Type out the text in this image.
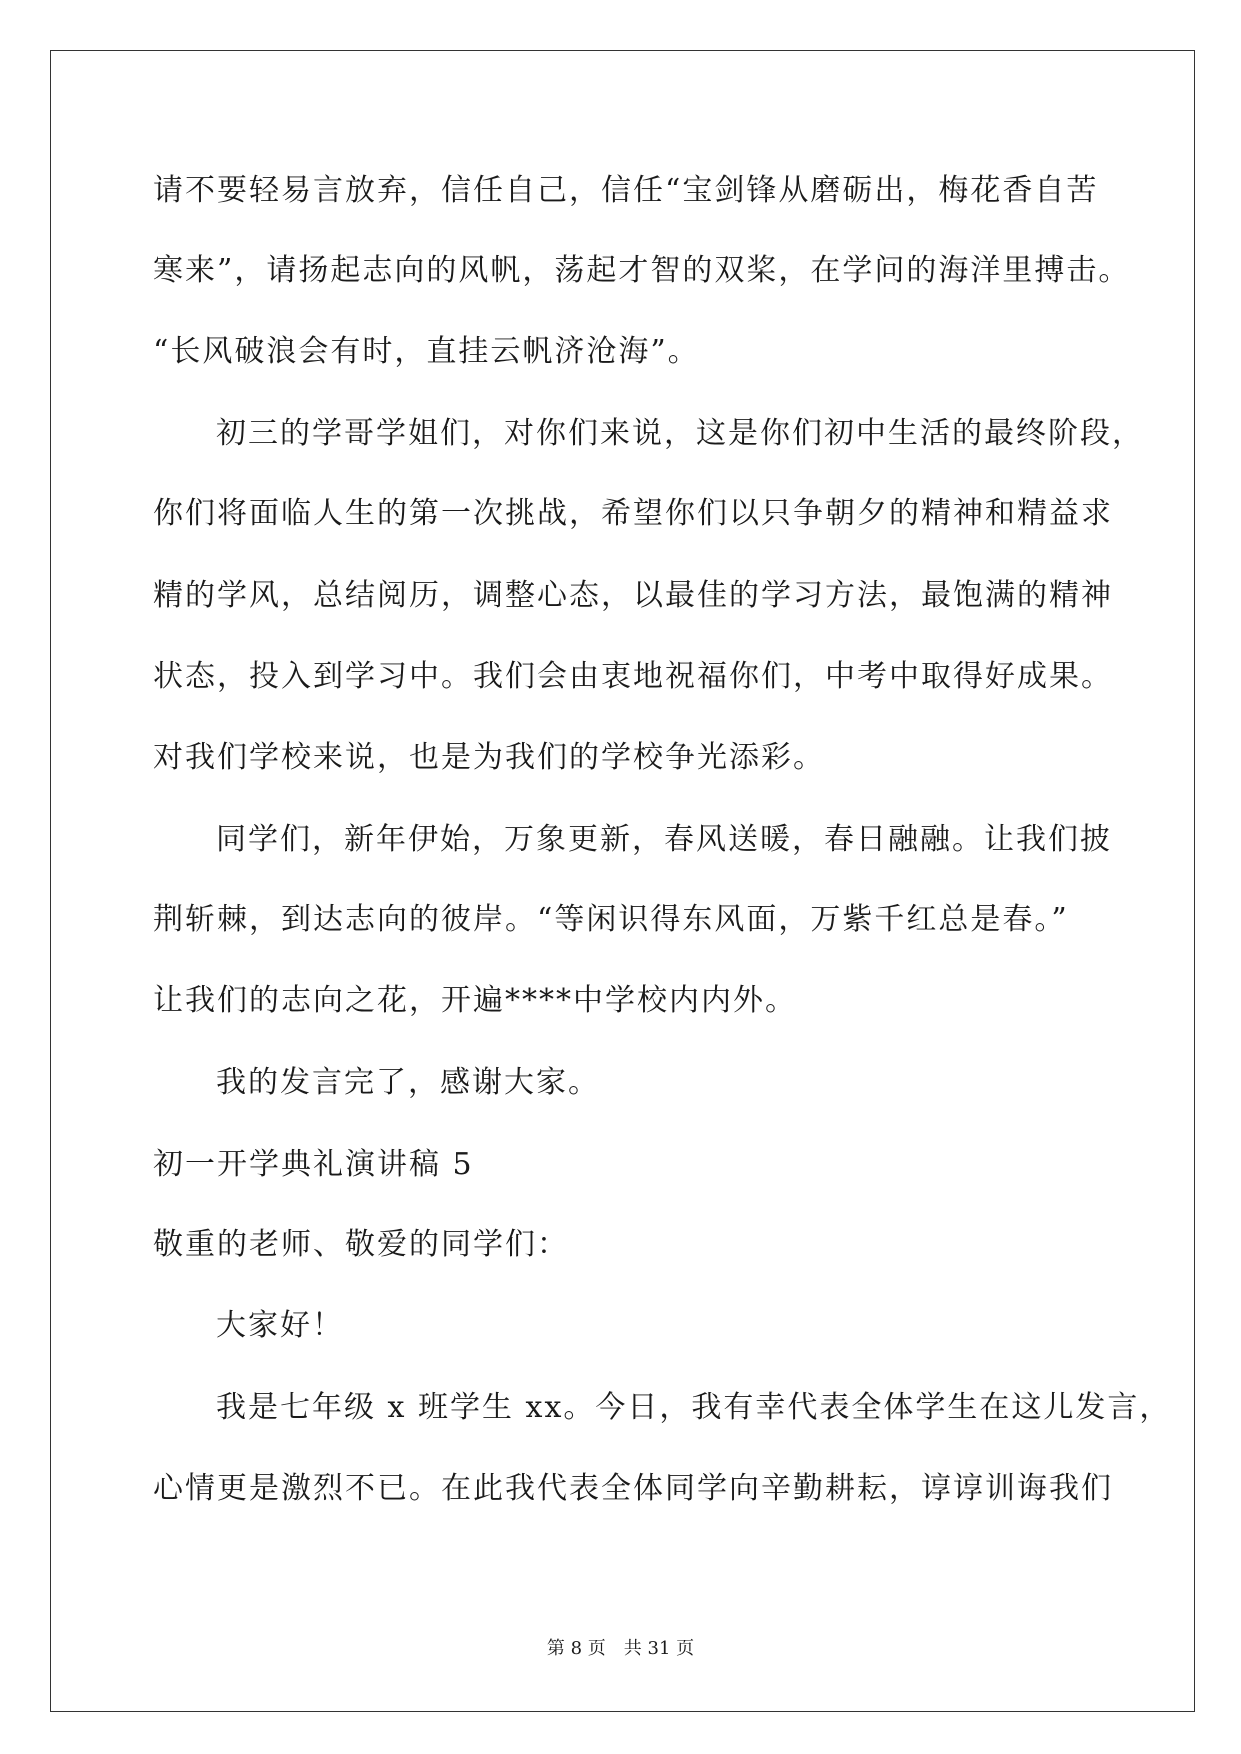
请不要轻易言放弃，信任自己，信任“宝剑锋从磨砺出，梅花香自苦
寒来”，请扬起志向的风帆，荡起才智的双桨，在学问的海洋里搏击。
“长风破浪会有时，直挂云帆济沧海”。
初三的学哥学姐们，对你们来说，这是你们初中生活的最终阶段，
你们将面临人生的第一次挑战，希望你们以只争朝夕的精神和精益求
精的学风，总结阅历，调整心态，以最佳的学习方法，最饱满的精神
状态，投入到学习中。我们会由衷地祝福你们，中考中取得好成果。
对我们学校来说，也是为我们的学校争光添彩。
同学们，新年伊始，万象更新，春风送暖，春日融融。让我们披
荆斩棘，到达志向的彼岸。“等闲识得东风面，万紫千红总是春。”
让我们的志向之花，开遍****中学校内内外。
我的发言完了，感谢大家。
初一开学典礼演讲稿 5
敬重的老师、敬爱的同学们：
大家好！
我是七年级 x 班学生 xx。今日，我有幸代表全体学生在这儿发言，
心情更是激烈不已。在此我代表全体同学向辛勤耕耘，谆谆训诲我们
第 8 页　共 31 页
